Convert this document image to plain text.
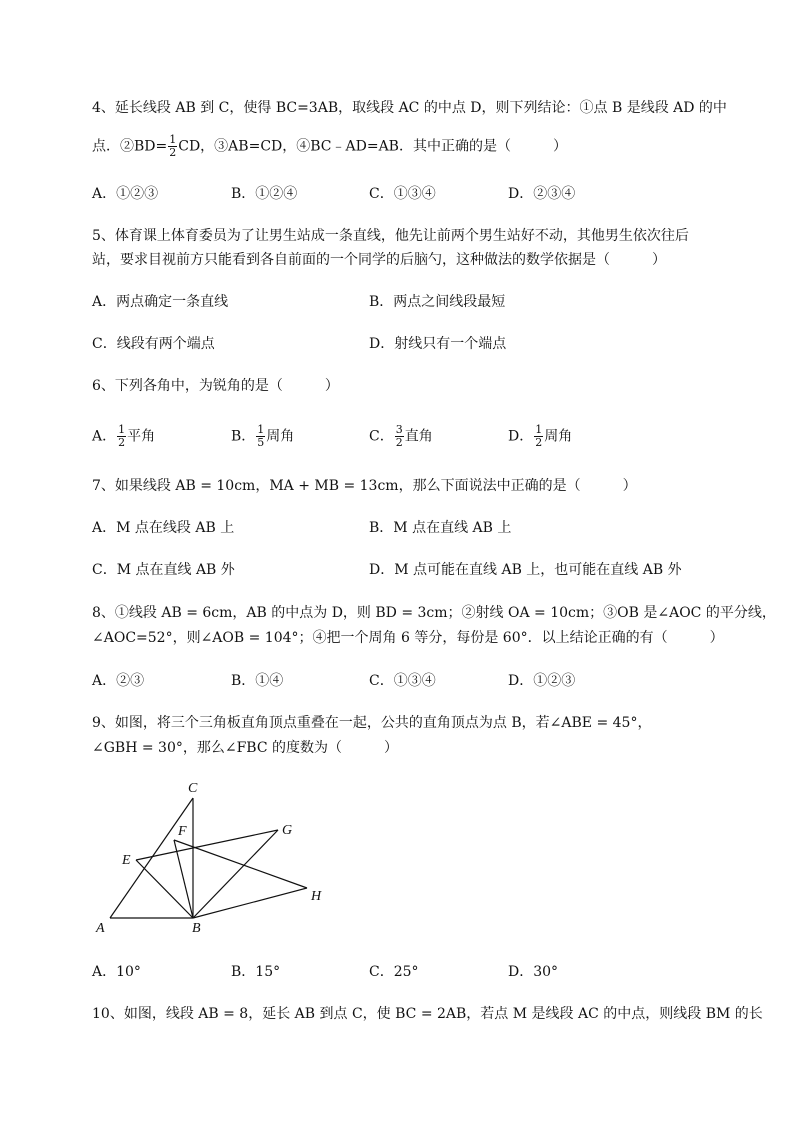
4、延长线段 AB 到 C，使得 BC=3AB，取线段 AC 的中点 D，则下列结论：①点 B 是线段 AD 的中
点．②BD= $\frac{1}{2}$ CD，③AB=CD，④BC﹣AD=AB．其中正确的是（　　　）
A．①②③	B．①②④	C．①③④	D．②③④
5、体育课上体育委员为了让男生站成一条直线，他先让前两个男生站好不动，其他男生依次往后
站，要求目视前方只能看到各自前面的一个同学的后脑勺，这种做法的数学依据是（　　　）
A．两点确定一条直线	B．两点之间线段最短
C．线段有两个端点	D．射线只有一个端点
6、下列各角中，为锐角的是（　　　）
A． $\frac{1}{2}$ 平角	B． $\frac{1}{5}$ 周角	C． $\frac{3}{2}$ 直角	D． $\frac{1}{2}$ 周角
7、如果线段 AB = 10cm，MA + MB = 13cm，那么下面说法中正确的是（　　　）
A．M 点在线段 AB 上	B．M 点在直线 AB 上
C．M 点在直线 AB 外	D．M 点可能在直线 AB 上，也可能在直线 AB 外
8、①线段 AB = 6cm，AB 的中点为 D，则 BD = 3cm；②射线 OA = 10cm；③OB 是∠AOC 的平分线，
∠AOC=52°，则∠AOB = 104°；④把一个周角 6 等分，每份是 60°．以上结论正确的有（　　　）
A．②③	B．①④	C．①③④	D．①②③
9、如图，将三个三角板直角顶点重叠在一起，公共的直角顶点为点 B，若∠ABE = 45°，
∠GBH = 30°，那么∠FBC 的度数为（　　　）
C
F	G
E
H
A	B
A．10°	B．15°	C．25°	D．30°
10、如图，线段 AB = 8，延长 AB 到点 C，使 BC = 2AB，若点 M 是线段 AC 的中点，则线段 BM 的长
